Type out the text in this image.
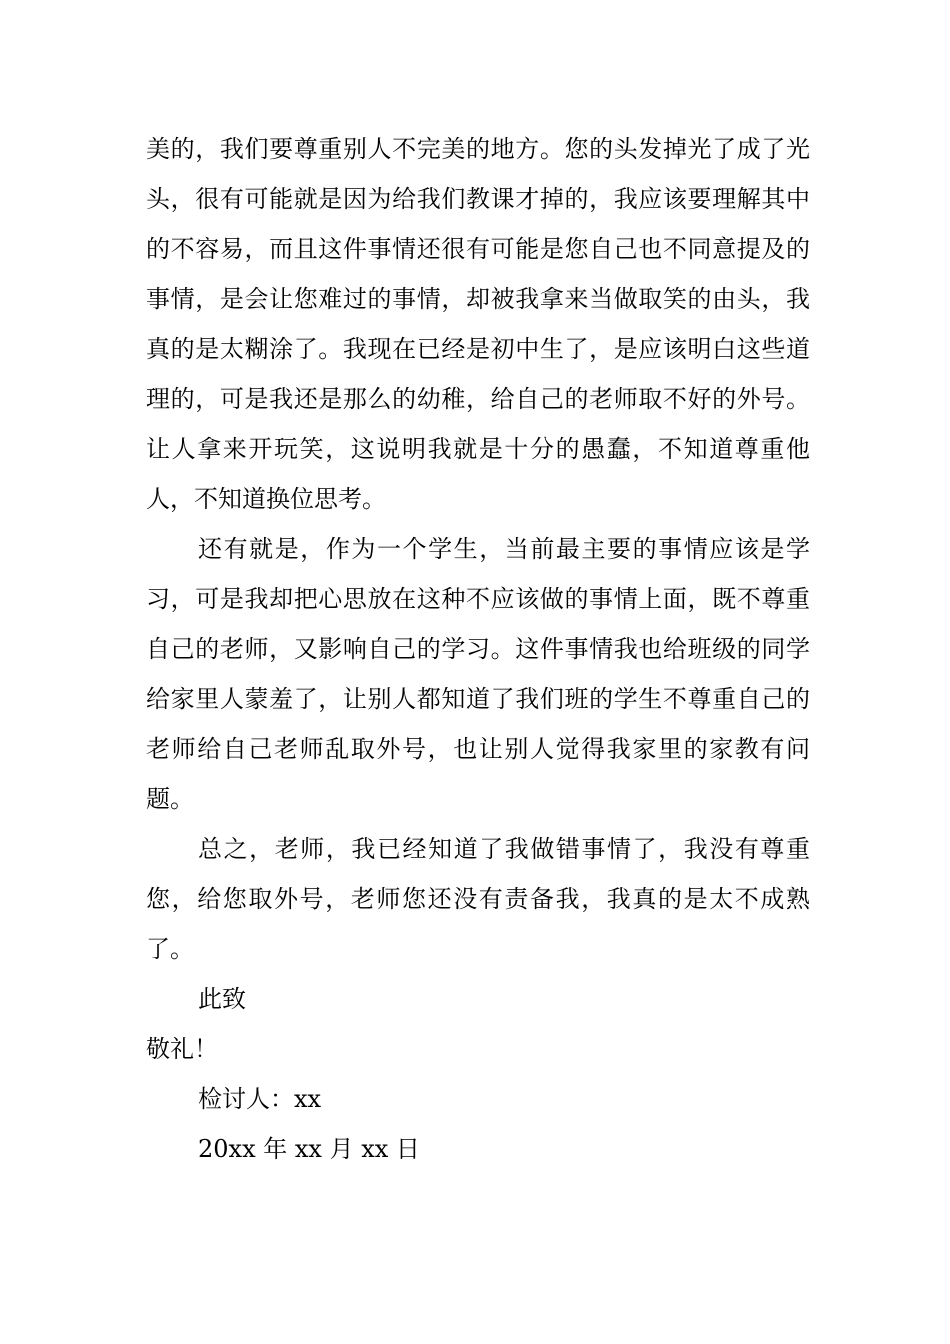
美的，我们要尊重别人不完美的地方。您的头发掉光了成了光头，很有可能就是因为给我们教课才掉的，我应该要理解其中的不容易，而且这件事情还很有可能是您自己也不同意提及的事情，是会让您难过的事情，却被我拿来当做取笑的由头，我真的是太糊涂了。我现在已经是初中生了，是应该明白这些道理的，可是我还是那么的幼稚，给自己的老师取不好的外号。让人拿来开玩笑，这说明我就是十分的愚蠢，不知道尊重他人，不知道换位思考。

还有就是，作为一个学生，当前最主要的事情应该是学习，可是我却把心思放在这种不应该做的事情上面，既不尊重自己的老师，又影响自己的学习。这件事情我也给班级的同学给家里人蒙羞了，让别人都知道了我们班的学生不尊重自己的老师给自己老师乱取外号，也让别人觉得我家里的家教有问题。

总之，老师，我已经知道了我做错事情了，我没有尊重您，给您取外号，老师您还没有责备我，我真的是太不成熟了。

此致

敬礼！

检讨人：xx

20xx 年 xx 月 xx 日
